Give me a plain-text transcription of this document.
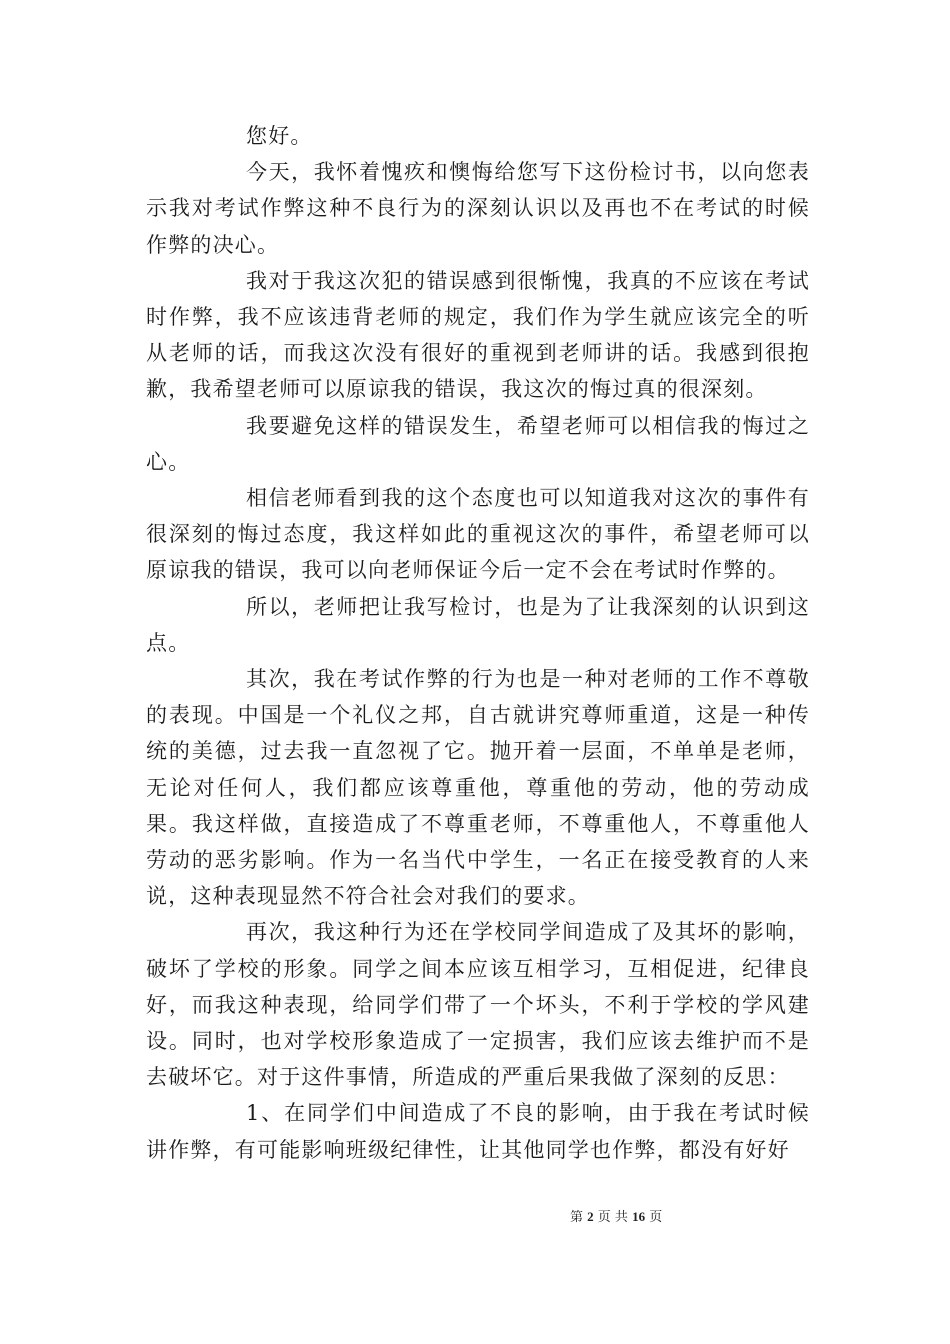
您好。

今天，我怀着愧疚和懊悔给您写下这份检讨书，以向您表示我对考试作弊这种不良行为的深刻认识以及再也不在考试的时候作弊的决心。

我对于我这次犯的错误感到很惭愧，我真的不应该在考试时作弊，我不应该违背老师的规定，我们作为学生就应该完全的听从老师的话，而我这次没有很好的重视到老师讲的话。我感到很抱歉，我希望老师可以原谅我的错误，我这次的悔过真的很深刻。

我要避免这样的错误发生，希望老师可以相信我的悔过之心。

相信老师看到我的这个态度也可以知道我对这次的事件有很深刻的悔过态度，我这样如此的重视这次的事件，希望老师可以原谅我的错误，我可以向老师保证今后一定不会在考试时作弊的。

所以，老师把让我写检讨，也是为了让我深刻的认识到这点。

其次，我在考试作弊的行为也是一种对老师的工作不尊敬的表现。中国是一个礼仪之邦，自古就讲究尊师重道，这是一种传统的美德，过去我一直忽视了它。抛开着一层面，不单单是老师，无论对任何人，我们都应该尊重他，尊重他的劳动，他的劳动成果。我这样做，直接造成了不尊重老师，不尊重他人，不尊重他人劳动的恶劣影响。作为一名当代中学生，一名正在接受教育的人来说，这种表现显然不符合社会对我们的要求。

再次，我这种行为还在学校同学间造成了及其坏的影响，破坏了学校的形象。同学之间本应该互相学习，互相促进，纪律良好，而我这种表现，给同学们带了一个坏头，不利于学校的学风建设。同时，也对学校形象造成了一定损害，我们应该去维护而不是去破坏它。对于这件事情，所造成的严重后果我做了深刻的反思：

1、在同学们中间造成了不良的影响，由于我在考试时候讲作弊，有可能影响班级纪律性，让其他同学也作弊，都没有好好

第 2 页 共 16 页
